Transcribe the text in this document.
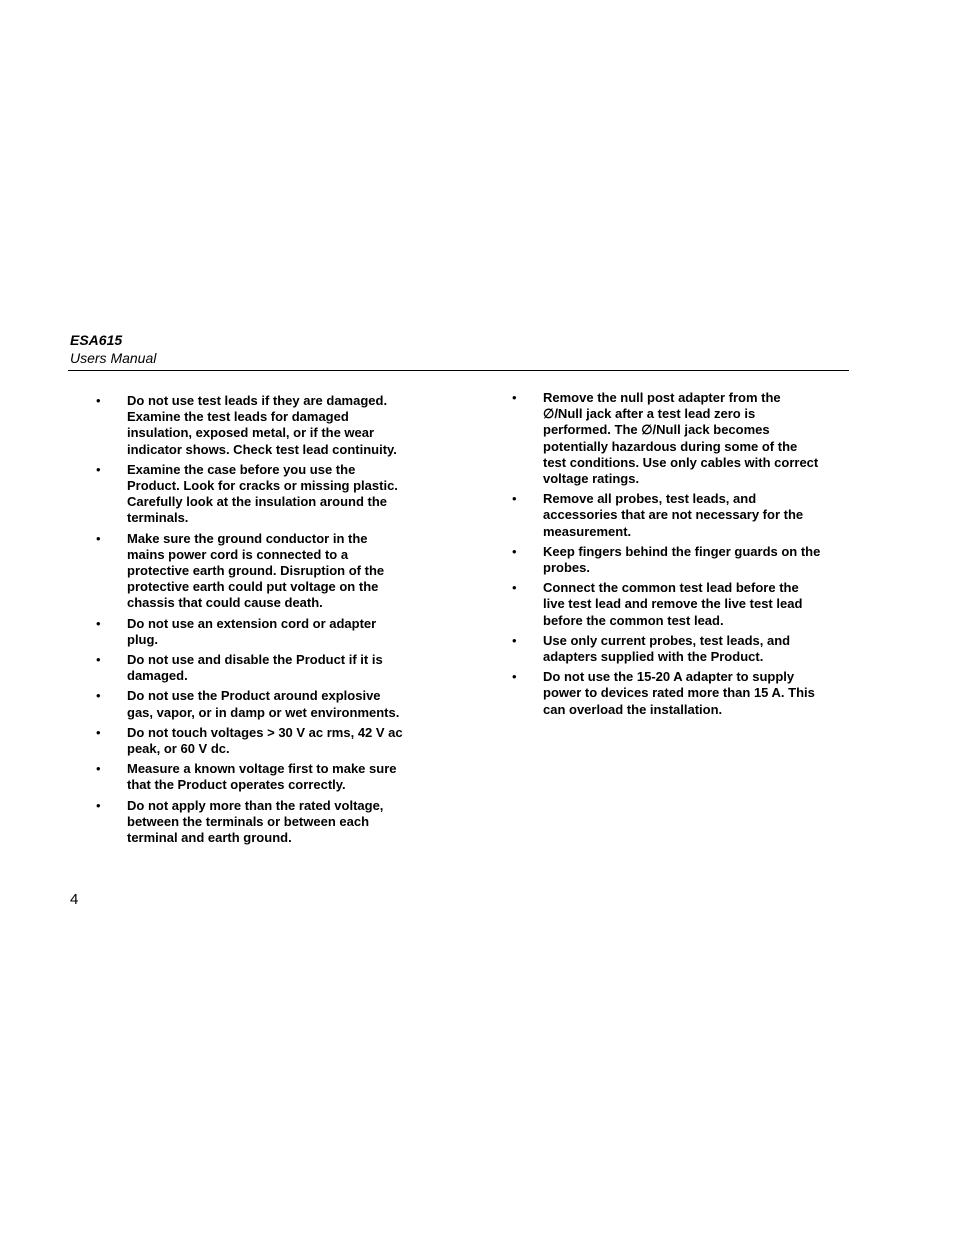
ESA615
Users Manual
•	Do not use test leads if they are damaged. Examine the test leads for damaged insulation, exposed metal, or if the wear indicator shows. Check test lead continuity.
•	Examine the case before you use the Product. Look for cracks or missing plastic. Carefully look at the insulation around the terminals.
•	Make sure the ground conductor in the mains power cord is connected to a protective earth ground. Disruption of the protective earth could put voltage on the chassis that could cause death.
•	Do not use an extension cord or adapter plug.
•	Do not use and disable the Product if it is damaged.
•	Do not use the Product around explosive gas, vapor, or in damp or wet environments.
•	Do not touch voltages > 30 V ac rms, 42 V ac peak, or 60 V dc.
•	Measure a known voltage first to make sure that the Product operates correctly.
•	Do not apply more than the rated voltage, between the terminals or between each terminal and earth ground.
•	Remove the null post adapter from the ∅/Null jack after a test lead zero is performed. The ∅/Null jack becomes potentially hazardous during some of the test conditions. Use only cables with correct voltage ratings.
•	Remove all probes, test leads, and accessories that are not necessary for the measurement.
•	Keep fingers behind the finger guards on the probes.
•	Connect the common test lead before the live test lead and remove the live test lead before the common test lead.
•	Use only current probes, test leads, and adapters supplied with the Product.
•	Do not use the 15-20 A adapter to supply power to devices rated more than 15 A. This can overload the installation.
4
